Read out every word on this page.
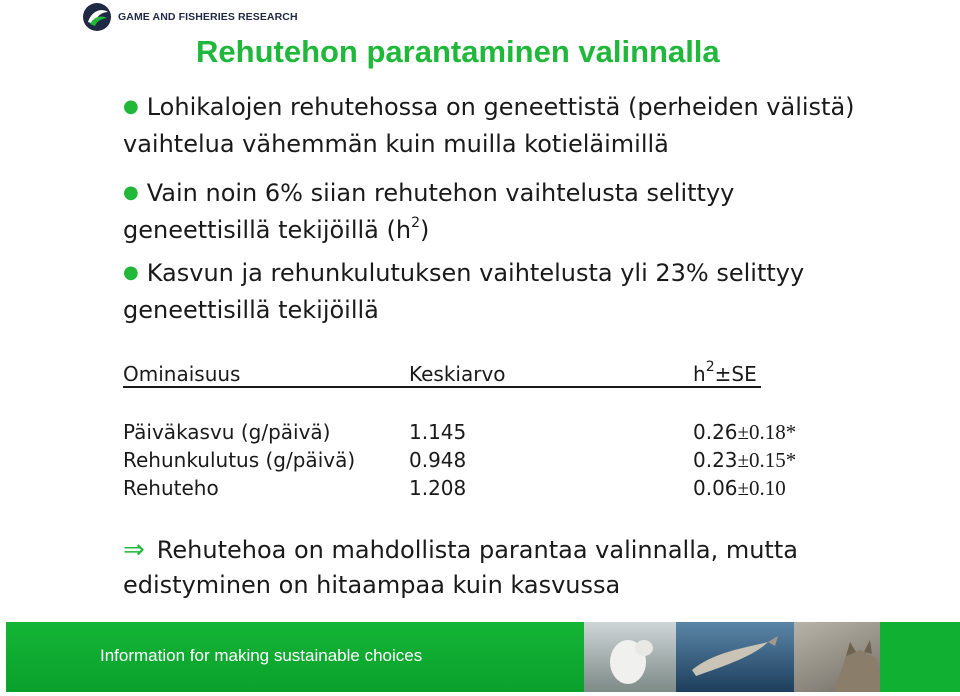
GAME AND FISHERIES RESEARCH
Rehutehon parantaminen valinnalla
● Lohikalojen rehutehossa on geneettistä (perheiden välistä) vaihtelua vähemmän kuin muilla kotieläimillä
● Vain noin 6% siian rehutehon vaihtelusta selittyy geneettisillä tekijöillä $(h^2)$
● Kasvun ja rehunkulutuksen vaihtelusta yli 23% selittyy geneettisillä tekijöillä
Ominaisuus	Keskiarvo	$h^2\pm SE$
Päiväkasvu (g/päivä)	1.145	0.26±0.18*
Rehunkulutus (g/päivä)	0.948	0.23±0.15*
Rehuteho	1.208	0.06±0.10
⇒ Rehutehoa on mahdollista parantaa valinnalla, mutta edistyminen on hitaampaa kuin kasvussa
Information for making sustainable choices
